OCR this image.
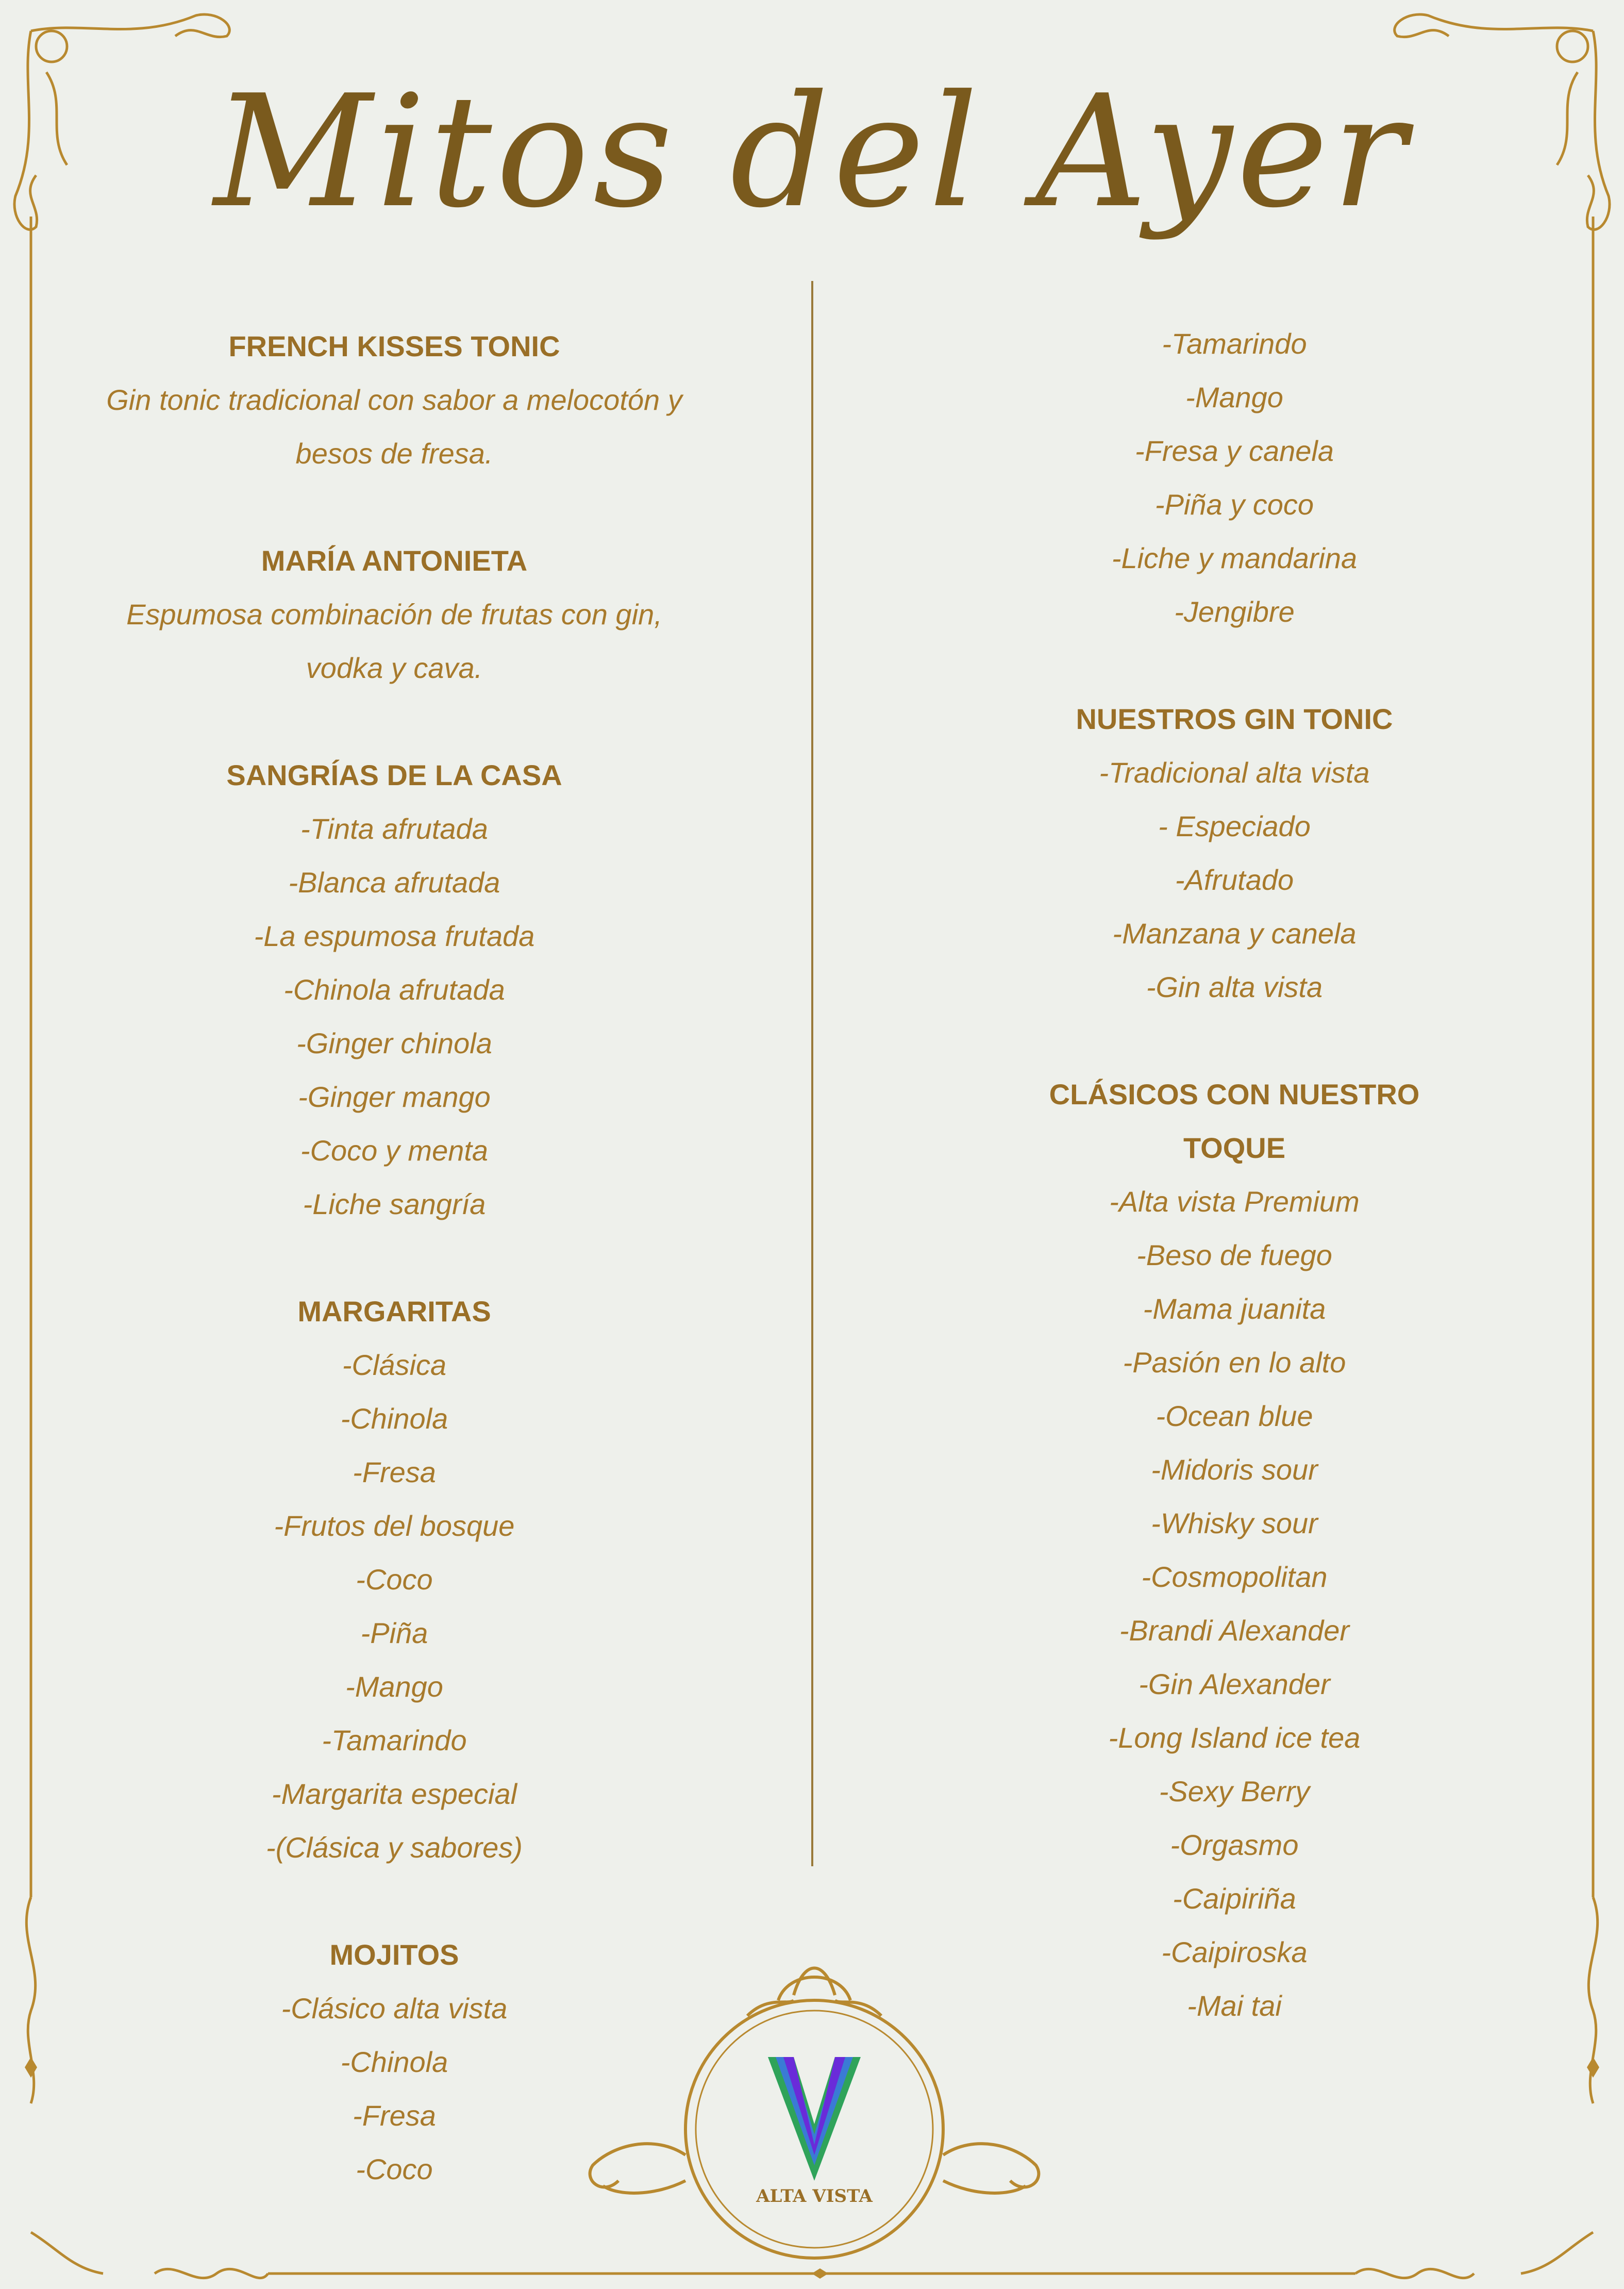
Mitos del Ayer
FRENCH KISSES TONIC
Gin tonic tradicional con sabor a melocotón y
besos de fresa.
MARÍA ANTONIETA
Espumosa combinación de frutas con gin,
vodka y cava.
SANGRÍAS DE LA CASA
-Tinta afrutada
-Blanca afrutada
-La espumosa frutada
-Chinola afrutada
-Ginger chinola
-Ginger mango
-Coco y menta
-Liche sangría
MARGARITAS
-Clásica
-Chinola
-Fresa
-Frutos del bosque
-Coco
-Piña
-Mango
-Tamarindo
-Margarita especial
-(Clásica y sabores)
MOJITOS
-Clásico alta vista
-Chinola
-Fresa
-Coco
-Tamarindo
-Mango
-Fresa y canela
-Piña y coco
-Liche y mandarina
-Jengibre
NUESTROS GIN TONIC
-Tradicional alta vista
- Especiado
-Afrutado
-Manzana y canela
-Gin alta vista
CLÁSICOS CON NUESTRO TOQUE
-Alta vista Premium
-Beso de fuego
-Mama juanita
-Pasión en lo alto
-Ocean blue
-Midoris sour
-Whisky sour
-Cosmopolitan
-Brandi Alexander
-Gin Alexander
-Long Island ice tea
-Sexy Berry
-Orgasmo
-Caipiriña
-Caipiroska
-Mai tai
ALTA VISTA
